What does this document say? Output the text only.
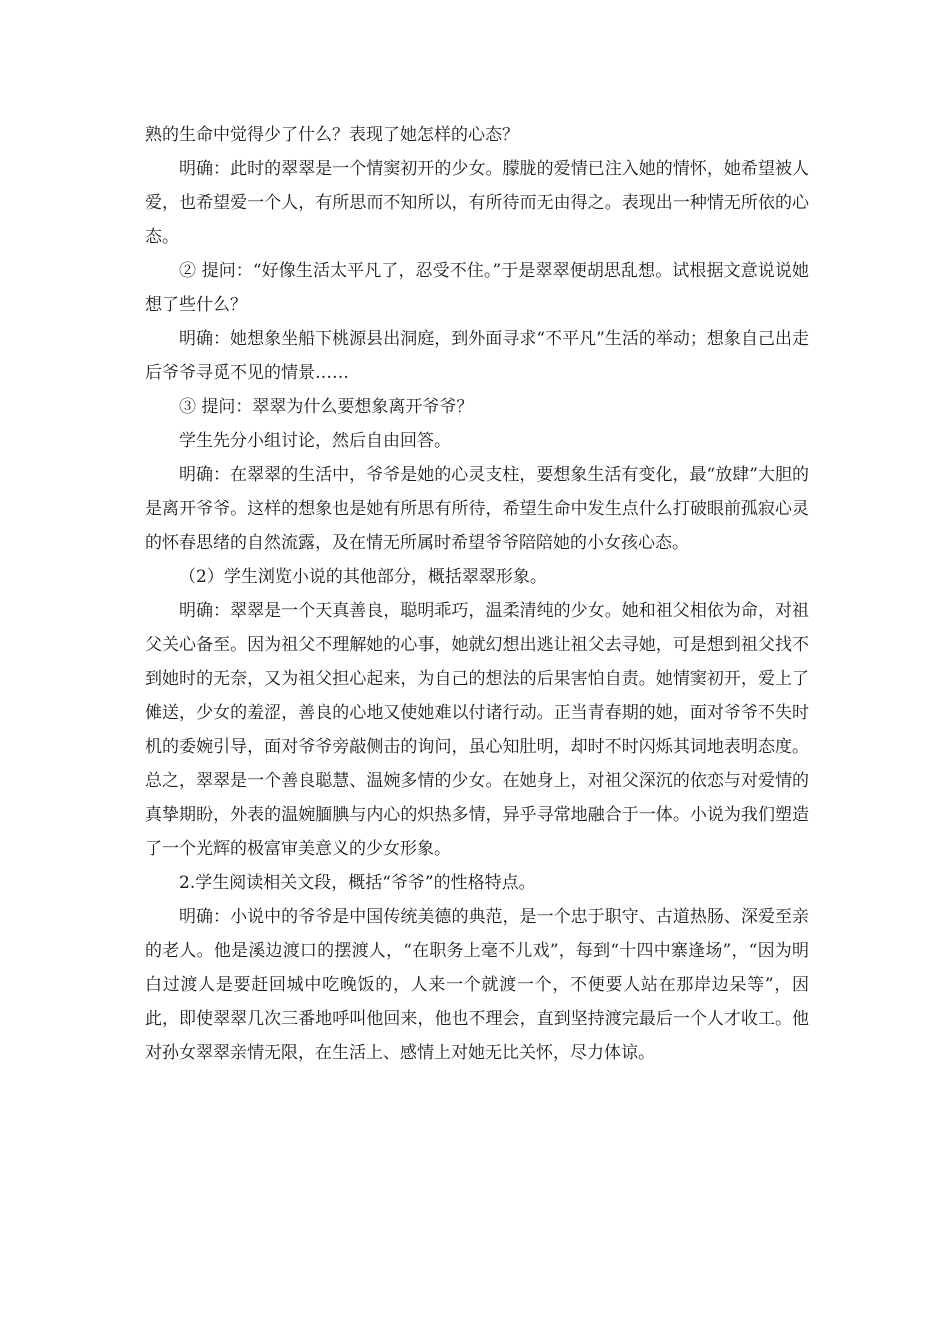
熟的生命中觉得少了什么？表现了她怎样的心态？

明确：此时的翠翠是一个情窦初开的少女。朦胧的爱情已注入她的情怀，她希望被人爱，也希望爱一个人，有所思而不知所以，有所待而无由得之。表现出一种情无所依的心态。

② 提问：“好像生活太平凡了，忍受不住。”于是翠翠便胡思乱想。试根据文意说说她想了些什么？

明确：她想象坐船下桃源县出洞庭，到外面寻求“不平凡”生活的举动；想象自己出走后爷爷寻觅不见的情景……

③ 提问：翠翠为什么要想象离开爷爷？

学生先分小组讨论，然后自由回答。

明确：在翠翠的生活中，爷爷是她的心灵支柱，要想象生活有变化，最“放肆”大胆的是离开爷爷。这样的想象也是她有所思有所待，希望生命中发生点什么打破眼前孤寂心灵的怀春思绪的自然流露，及在情无所属时希望爷爷陪陪她的小女孩心态。

（2）学生浏览小说的其他部分，概括翠翠形象。

明确：翠翠是一个天真善良，聪明乖巧，温柔清纯的少女。她和祖父相依为命，对祖父关心备至。因为祖父不理解她的心事，她就幻想出逃让祖父去寻她，可是想到祖父找不到她时的无奈，又为祖父担心起来，为自己的想法的后果害怕自责。她情窦初开，爱上了傩送，少女的羞涩，善良的心地又使她难以付诸行动。正当青春期的她，面对爷爷不失时机的委婉引导，面对爷爷旁敲侧击的询问，虽心知肚明，却时不时闪烁其词地表明态度。总之，翠翠是一个善良聪慧、温婉多情的少女。在她身上，对祖父深沉的依恋与对爱情的真挚期盼，外表的温婉腼腆与内心的炽热多情，异乎寻常地融合于一体。小说为我们塑造了一个光辉的极富审美意义的少女形象。

2.学生阅读相关文段，概括“爷爷”的性格特点。

明确：小说中的爷爷是中国传统美德的典范，是一个忠于职守、古道热肠、深爱至亲的老人。他是溪边渡口的摆渡人，“在职务上毫不儿戏”，每到“十四中寨逢场”，“因为明白过渡人是要赶回城中吃晚饭的，人来一个就渡一个，不便要人站在那岸边呆等”，因此，即使翠翠几次三番地呼叫他回来，他也不理会，直到坚持渡完最后一个人才收工。他对孙女翠翠亲情无限，在生活上、感情上对她无比关怀，尽力体谅。
